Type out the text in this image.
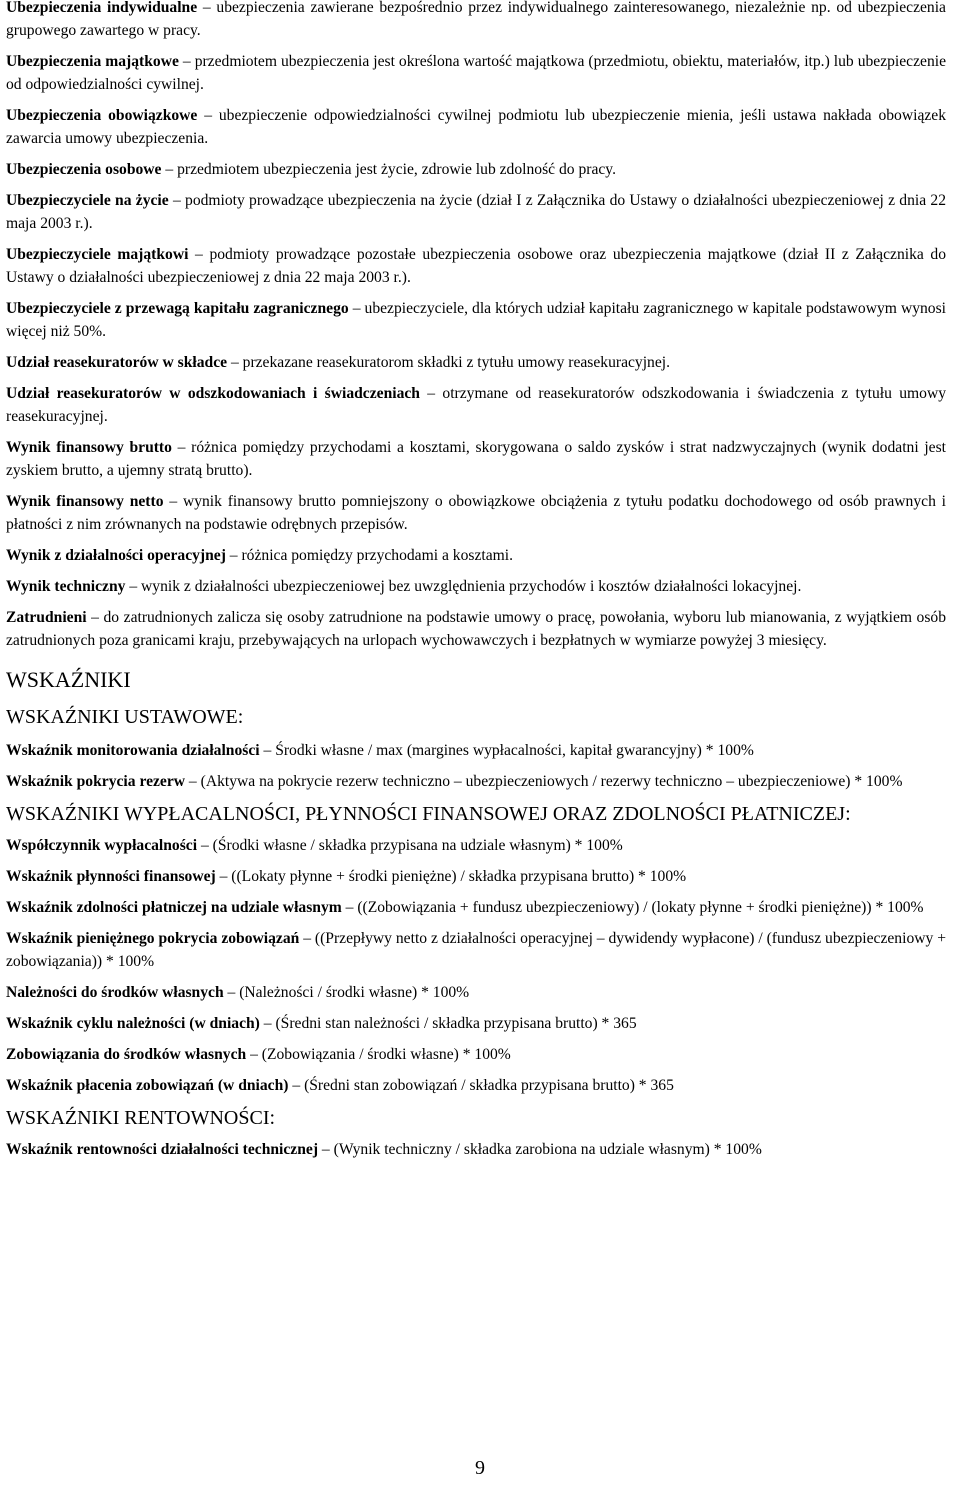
Ubezpieczenia indywidualne – ubezpieczenia zawierane bezpośrednio przez indywidualnego zainteresowanego, niezależnie np. od ubezpieczenia grupowego zawartego w pracy.

Ubezpieczenia majątkowe – przedmiotem ubezpieczenia jest określona wartość majątkowa (przedmiotu, obiektu, materiałów, itp.) lub ubezpieczenie od odpowiedzialności cywilnej.

Ubezpieczenia obowiązkowe – ubezpieczenie odpowiedzialności cywilnej podmiotu lub ubezpieczenie mienia, jeśli ustawa nakłada obowiązek zawarcia umowy ubezpieczenia.

Ubezpieczenia osobowe – przedmiotem ubezpieczenia jest życie, zdrowie lub zdolność do pracy.

Ubezpieczyciele na życie – podmioty prowadzące ubezpieczenia na życie (dział I z Załącznika do Ustawy o działalności ubezpieczeniowej z dnia 22 maja 2003 r.).

Ubezpieczyciele majątkowi – podmioty prowadzące pozostałe ubezpieczenia osobowe oraz ubezpieczenia majątkowe (dział II z Załącznika do Ustawy o działalności ubezpieczeniowej z dnia 22 maja 2003 r.).

Ubezpieczyciele z przewagą kapitału zagranicznego – ubezpieczyciele, dla których udział kapitału zagranicznego w kapitale podstawowym wynosi więcej niż 50%.

Udział reasekuratorów w składce – przekazane reasekuratorom składki z tytułu umowy reasekuracyjnej.

Udział reasekuratorów w odszkodowaniach i świadczeniach – otrzymane od reasekuratorów odszkodowania i świadczenia z tytułu umowy reasekuracyjnej.

Wynik finansowy brutto – różnica pomiędzy przychodami a kosztami, skorygowana o saldo zysków i strat nadzwyczajnych (wynik dodatni jest zyskiem brutto, a ujemny stratą brutto).

Wynik finansowy netto – wynik finansowy brutto pomniejszony o obowiązkowe obciążenia z tytułu podatku dochodowego od osób prawnych i płatności z nim zrównanych na podstawie odrębnych przepisów.

Wynik z działalności operacyjnej – różnica pomiędzy przychodami a kosztami.

Wynik techniczny – wynik z działalności ubezpieczeniowej bez uwzględnienia przychodów i kosztów działalności lokacyjnej.

Zatrudnieni – do zatrudnionych zalicza się osoby zatrudnione na podstawie umowy o pracę, powołania, wyboru lub mianowania, z wyjątkiem osób zatrudnionych poza granicami kraju, przebywających na urlopach wychowawczych i bezpłatnych w wymiarze powyżej 3 miesięcy.

WSKAŹNIKI
WSKAŹNIKI USTAWOWE:

Wskaźnik monitorowania działalności – Środki własne / max (margines wypłacalności, kapitał gwarancyjny) * 100%

Wskaźnik pokrycia rezerw – (Aktywa na pokrycie rezerw techniczno – ubezpieczeniowych / rezerwy techniczno – ubezpieczeniowe) * 100%

WSKAŹNIKI WYPŁACALNOŚCI, PŁYNNOŚCI FINANSOWEJ ORAZ ZDOLNOŚCI PŁATNICZEJ:

Współczynnik wypłacalności – (Środki własne / składka przypisana na udziale własnym) * 100%

Wskaźnik płynności finansowej – ((Lokaty płynne + środki pieniężne) / składka przypisana brutto) * 100%

Wskaźnik zdolności płatniczej na udziale własnym – ((Zobowiązania + fundusz ubezpieczeniowy) / (lokaty płynne + środki pieniężne)) * 100%

Wskaźnik pieniężnego pokrycia zobowiązań – ((Przepływy netto z działalności operacyjnej – dywidendy wypłacone) / (fundusz ubezpieczeniowy + zobowiązania)) * 100%

Należności do środków własnych – (Należności / środki własne) * 100%

Wskaźnik cyklu należności (w dniach) – (Średni stan należności / składka przypisana brutto) * 365

Zobowiązania do środków własnych – (Zobowiązania / środki własne) * 100%

Wskaźnik płacenia zobowiązań (w dniach) – (Średni stan zobowiązań / składka przypisana brutto) * 365

WSKAŹNIKI RENTOWNOŚCI:

Wskaźnik rentowności działalności technicznej – (Wynik techniczny / składka zarobiona na udziale własnym) * 100%

9
